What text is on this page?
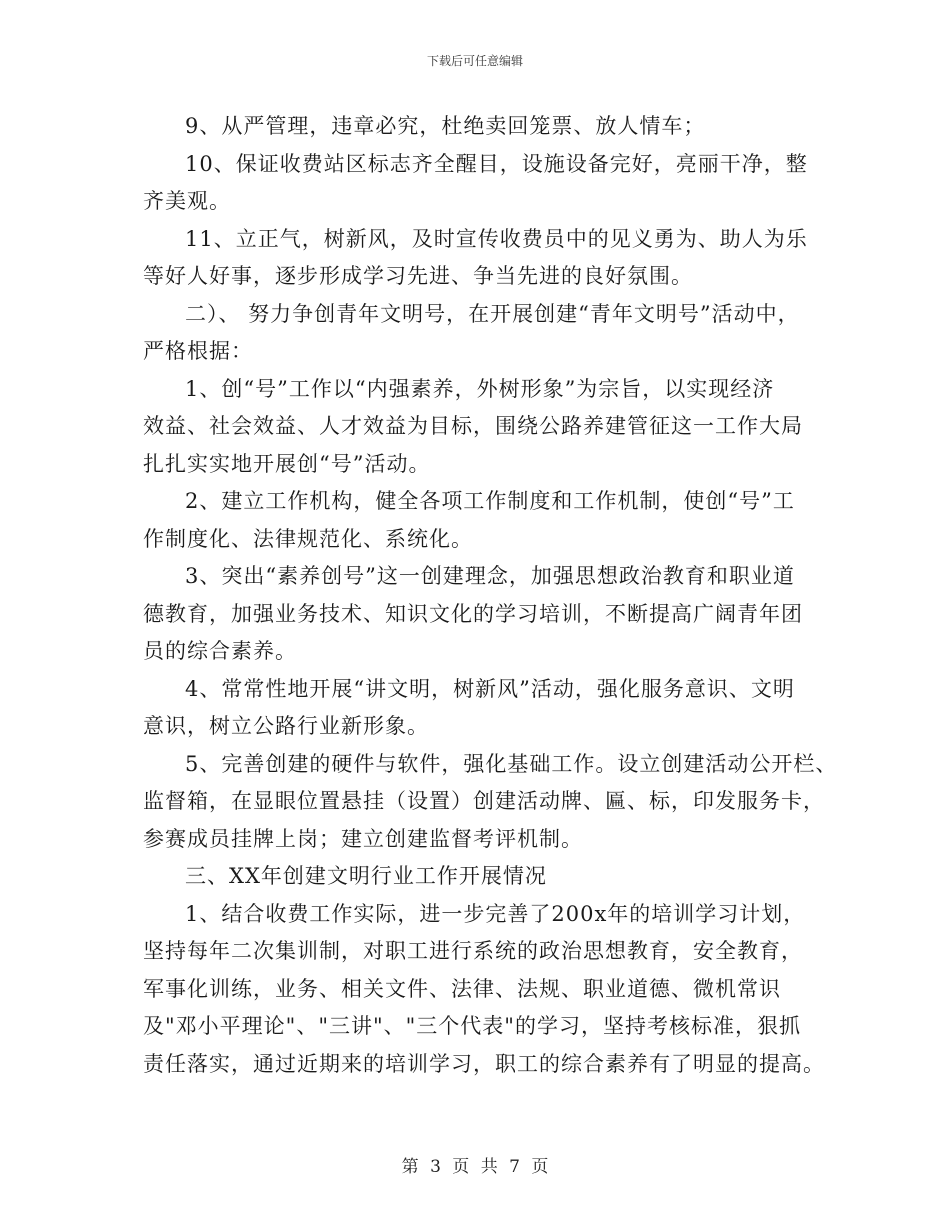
下载后可任意编辑
9、从严管理，违章必究，杜绝卖回笼票、放人情车；
10、保证收费站区标志齐全醒目，设施设备完好，亮丽干净，整
齐美观。
11、立正气，树新风，及时宣传收费员中的见义勇为、助人为乐
等好人好事，逐步形成学习先进、争当先进的良好氛围。
二）、 努力争创青年文明号，在开展创建“青年文明号”活动中，
严格根据：
1、创“号”工作以“内强素养，外树形象”为宗旨，以实现经济
效益、社会效益、人才效益为目标，围绕公路养建管征这一工作大局
扎扎实实地开展创“号”活动。
2、建立工作机构，健全各项工作制度和工作机制，使创“号”工
作制度化、法律规范化、系统化。
3、突出“素养创号”这一创建理念，加强思想政治教育和职业道
德教育，加强业务技术、知识文化的学习培训，不断提高广阔青年团
员的综合素养。
4、常常性地开展“讲文明，树新风”活动，强化服务意识、文明
意识，树立公路行业新形象。
5、完善创建的硬件与软件，强化基础工作。设立创建活动公开栏、
监督箱，在显眼位置悬挂（设置）创建活动牌、匾、标，印发服务卡，
参赛成员挂牌上岗；建立创建监督考评机制。
三、XX年创建文明行业工作开展情况
1、结合收费工作实际，进一步完善了200x年的培训学习计划，
坚持每年二次集训制，对职工进行系统的政治思想教育，安全教育，
军事化训练，业务、相关文件、法律、法规、职业道德、微机常识
及"邓小平理论"、"三讲"、"三个代表"的学习，坚持考核标准，狠抓
责任落实，通过近期来的培训学习，职工的综合素养有了明显的提高。
第 3 页 共 7 页
